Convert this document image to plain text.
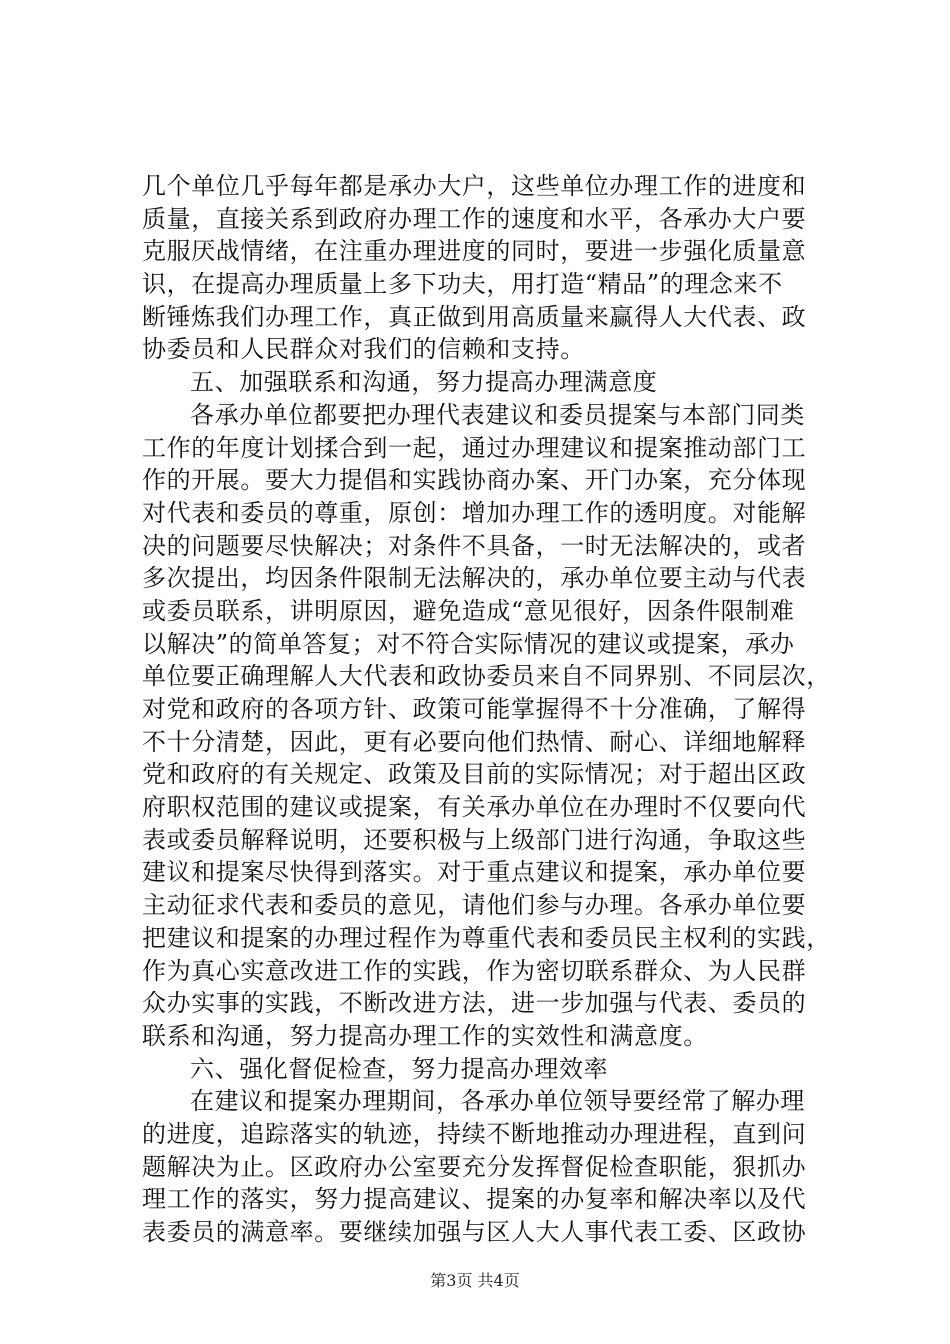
几个单位几乎每年都是承办大户，这些单位办理工作的进度和
质量，直接关系到政府办理工作的速度和水平，各承办大户要
克服厌战情绪，在注重办理进度的同时，要进一步强化质量意
识，在提高办理质量上多下功夫，用打造“精品”的理念来不
断锤炼我们办理工作，真正做到用高质量来赢得人大代表、政
协委员和人民群众对我们的信赖和支持。
五、加强联系和沟通，努力提高办理满意度
各承办单位都要把办理代表建议和委员提案与本部门同类
工作的年度计划揉合到一起，通过办理建议和提案推动部门工
作的开展。要大力提倡和实践协商办案、开门办案，充分体现
对代表和委员的尊重，原创：增加办理工作的透明度。对能解
决的问题要尽快解决；对条件不具备，一时无法解决的，或者
多次提出，均因条件限制无法解决的，承办单位要主动与代表
或委员联系，讲明原因，避免造成“意见很好，因条件限制难
以解决”的简单答复；对不符合实际情况的建议或提案，承办
单位要正确理解人大代表和政协委员来自不同界别、不同层次，
对党和政府的各项方针、政策可能掌握得不十分准确，了解得
不十分清楚，因此，更有必要向他们热情、耐心、详细地解释
党和政府的有关规定、政策及目前的实际情况；对于超出区政
府职权范围的建议或提案，有关承办单位在办理时不仅要向代
表或委员解释说明，还要积极与上级部门进行沟通，争取这些
建议和提案尽快得到落实。对于重点建议和提案，承办单位要
主动征求代表和委员的意见，请他们参与办理。各承办单位要
把建议和提案的办理过程作为尊重代表和委员民主权利的实践，
作为真心实意改进工作的实践，作为密切联系群众、为人民群
众办实事的实践，不断改进方法，进一步加强与代表、委员的
联系和沟通，努力提高办理工作的实效性和满意度。
六、强化督促检查，努力提高办理效率
在建议和提案办理期间，各承办单位领导要经常了解办理
的进度，追踪落实的轨迹，持续不断地推动办理进程，直到问
题解决为止。区政府办公室要充分发挥督促检查职能，狠抓办
理工作的落实，努力提高建议、提案的办复率和解决率以及代
表委员的满意率。要继续加强与区人大人事代表工委、区政协
第3页 共4页
